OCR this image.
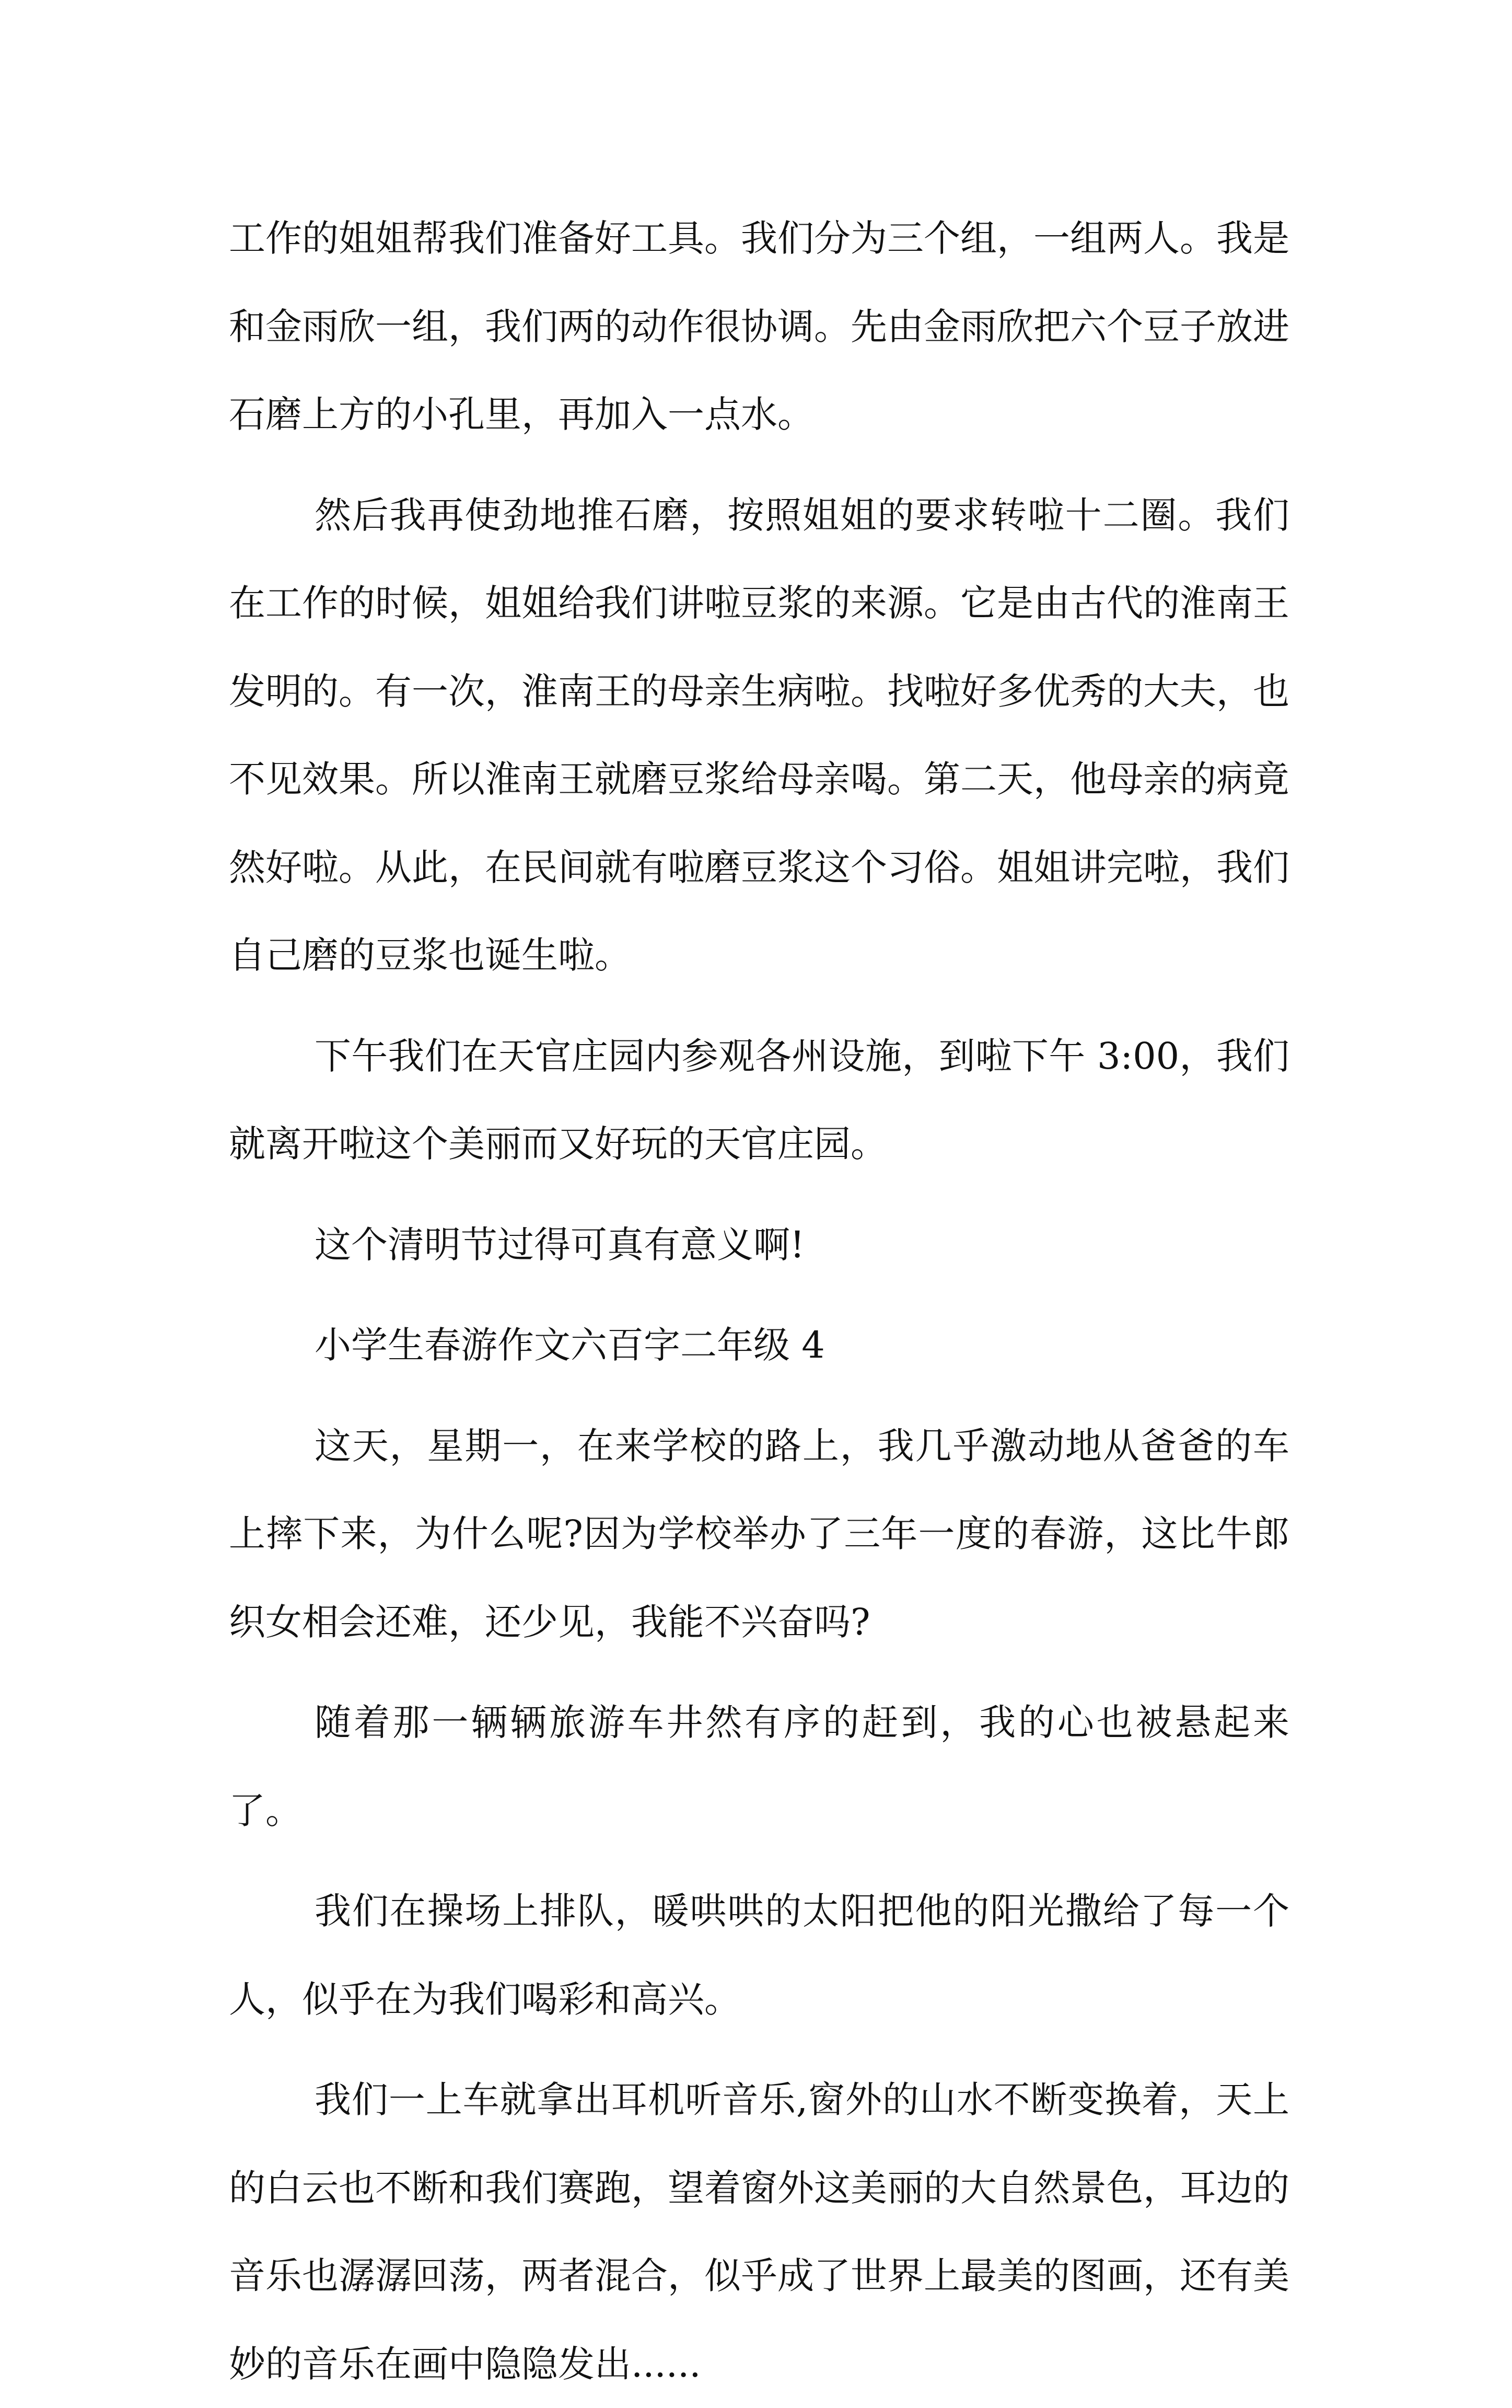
工作的姐姐帮我们准备好工具。我们分为三个组，一组两人。我是和金雨欣一组，我们两的动作很协调。先由金雨欣把六个豆子放进石磨上方的小孔里，再加入一点水。

然后我再使劲地推石磨，按照姐姐的要求转啦十二圈。我们在工作的时候，姐姐给我们讲啦豆浆的来源。它是由古代的淮南王发明的。有一次，淮南王的母亲生病啦。找啦好多优秀的大夫，也不见效果。所以淮南王就磨豆浆给母亲喝。第二天，他母亲的病竟然好啦。从此，在民间就有啦磨豆浆这个习俗。姐姐讲完啦，我们自己磨的豆浆也诞生啦。

下午我们在天官庄园内参观各州设施，到啦下午 3:00，我们就离开啦这个美丽而又好玩的天官庄园。

这个清明节过得可真有意义啊!

小学生春游作文六百字二年级 4

这天，星期一，在来学校的路上，我几乎激动地从爸爸的车上摔下来，为什么呢?因为学校举办了三年一度的春游，这比牛郎织女相会还难，还少见，我能不兴奋吗?

随着那一辆辆旅游车井然有序的赶到，我的心也被悬起来了。

我们在操场上排队，暖哄哄的太阳把他的阳光撒给了每一个人，似乎在为我们喝彩和高兴。

我们一上车就拿出耳机听音乐,窗外的山水不断变换着，天上的白云也不断和我们赛跑，望着窗外这美丽的大自然景色，耳边的音乐也潺潺回荡，两者混合，似乎成了世界上最美的图画，还有美妙的音乐在画中隐隐发出......
